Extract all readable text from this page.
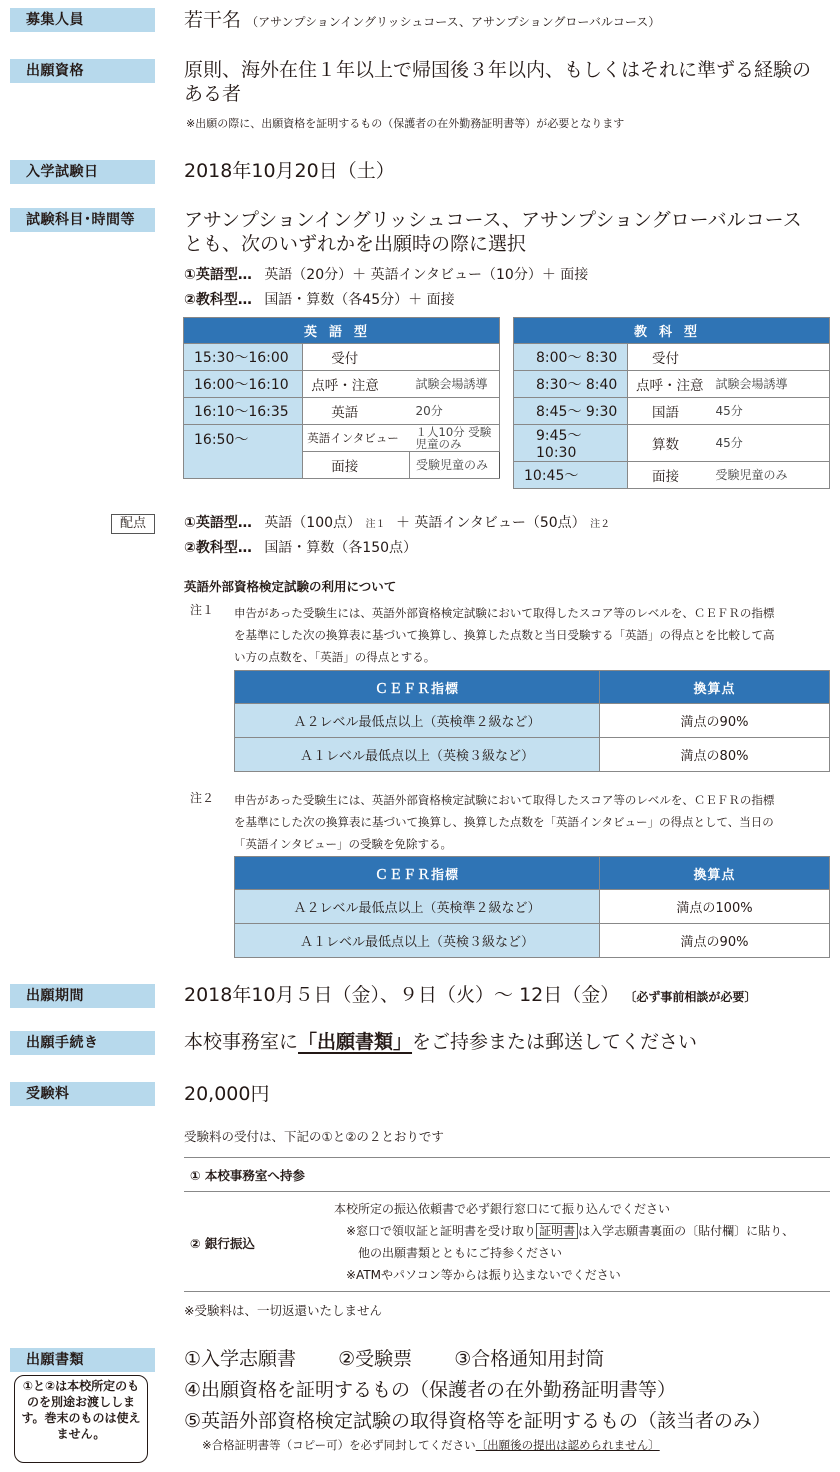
募集人員	若干名 （アサンプションイングリッシュコース、アサンプショングローバルコース）
出願資格	原則、海外在住１年以上で帰国後３年以内、もしくはそれに準ずる経験の
ある者
※出願の際に、出願資格を証明するもの（保護者の在外勤務証明書等）が必要となります
入学試験日	2018年10月20日（土）
試験科目･時間等	アサンプションイングリッシュコース、アサンプショングローバルコース
とも、次のいずれかを出願時の際に選択
①英語型… 英語（20分）＋ 英語インタビュー（10分）＋ 面接
②教科型… 国語・算数（各45分）＋ 面接
英語型		
15:30〜16:00	受付	
16:00〜16:10	点呼・注意	試験会場誘導
16:10〜16:35	英語	20分
16:50〜	英語インタビュー	１人10分 受験児童のみ
	面接	受験児童のみ
教科型		
8:00〜 8:30	受付	
8:30〜 8:40	点呼・注意	試験会場誘導
8:45〜 9:30	国語	45分
9:45〜10:30	算数	45分
10:45〜	面接	受験児童のみ
配点	①英語型… 英語（100点） 注１ ＋ 英語インタビュー（50点） 注２
②教科型… 国語・算数（各150点）
英語外部資格検定試験の利用について
注１ 申告があった受験生には、英語外部資格検定試験において取得したスコア等のレベルを、ＣＥＦＲの指標
を基準にした次の換算表に基づいて換算し、換算した点数と当日受験する「英語」の得点とを比較して高
い方の点数を、「英語」の得点とする。
ＣＥＦＲ指標	換算点
Ａ２レベル最低点以上（英検準２級など）	満点の90%
Ａ１レベル最低点以上（英検３級など）	満点の80%
注２ 申告があった受験生には、英語外部資格検定試験において取得したスコア等のレベルを、ＣＥＦＲの指標
を基準にした次の換算表に基づいて換算し、換算した点数を「英語インタビュー」の得点として、当日の
「英語インタビュー」の受験を免除する。
ＣＥＦＲ指標	換算点
Ａ２レベル最低点以上（英検準２級など）	満点の100%
Ａ１レベル最低点以上（英検３級など）	満点の90%
出願期間	2018年10月５日（金）、９日（火）〜 12日（金） 〔必ず事前相談が必要〕
出願手続き	本校事務室に「出願書類」をご持参または郵送してください
受験料	20,000円
受験料の受付は、下記の①と②の２とおりです
① 本校事務室へ持参
② 銀行振込
本校所定の振込依頼書で必ず銀行窓口にて振り込んでください
※窓口で領収証と証明書を受け取り 証明書 は入学志願書裏面の〔貼付欄〕に貼り、
他の出願書類とともにご持参ください
※ATMやパソコン等からは振り込まないでください
※受験料は、一切返還いたしません
出願書類
①と②は本校所定のものを別途お渡しします。巻末のものは使えません。
①入学志願書 ②受験票 ③合格通知用封筒
④出願資格を証明するもの（保護者の在外勤務証明書等）
⑤英語外部資格検定試験の取得資格等を証明するもの（該当者のみ）
※合格証明書等（コピー可）を必ず同封してください〔出願後の提出は認められません〕
